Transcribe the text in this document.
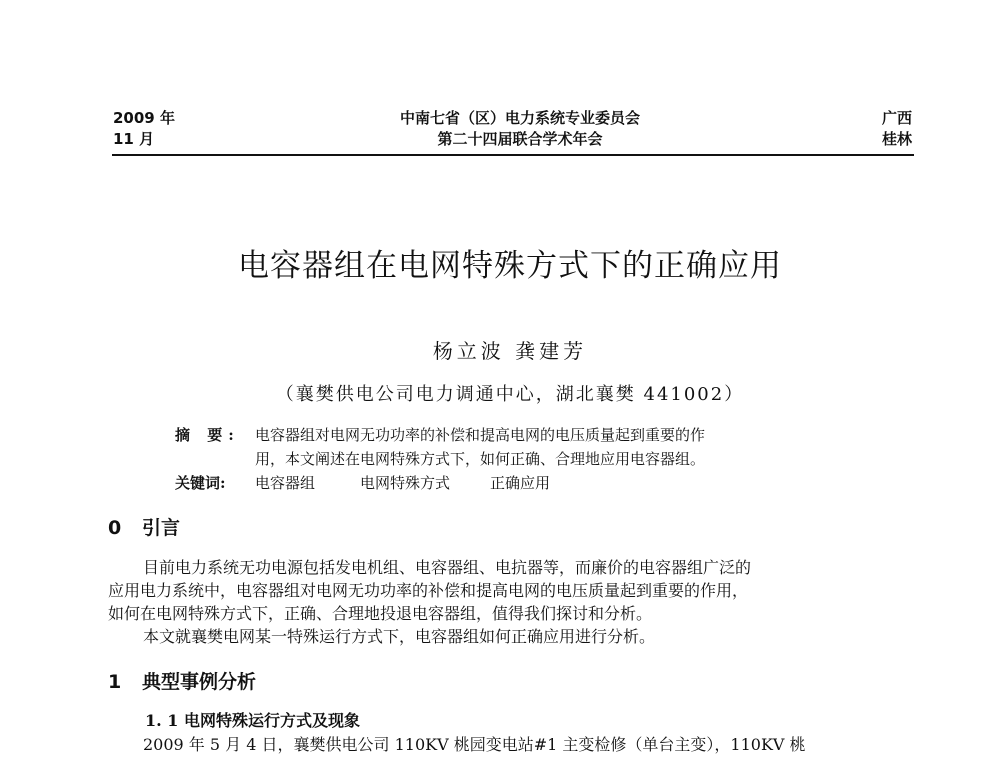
2009 年
11 月
中南七省（区）电力系统专业委员会
第二十四届联合学术年会
广西
桂林
电容器组在电网特殊方式下的正确应用
杨立波 龚建芳
（襄樊供电公司电力调通中心，湖北襄樊 441002）
摘 要: 电容器组对电网无功功率的补偿和提高电网的电压质量起到重要的作
用，本文阐述在电网特殊方式下，如何正确、合理地应用电容器组。
关键词: 电容器组	电网特殊方式	正确应用
0 引言
目前电力系统无功电源包括发电机组、电容器组、电抗器等，而廉价的电容器组广泛的
应用电力系统中，电容器组对电网无功功率的补偿和提高电网的电压质量起到重要的作用，
如何在电网特殊方式下，正确、合理地投退电容器组，值得我们探讨和分析。
本文就襄樊电网某一特殊运行方式下，电容器组如何正确应用进行分析。
1 典型事例分析
1. 1 电网特殊运行方式及现象
2009 年 5 月 4 日，襄樊供电公司 110KV 桃园变电站#1 主变检修（单台主变），110KV 桃
